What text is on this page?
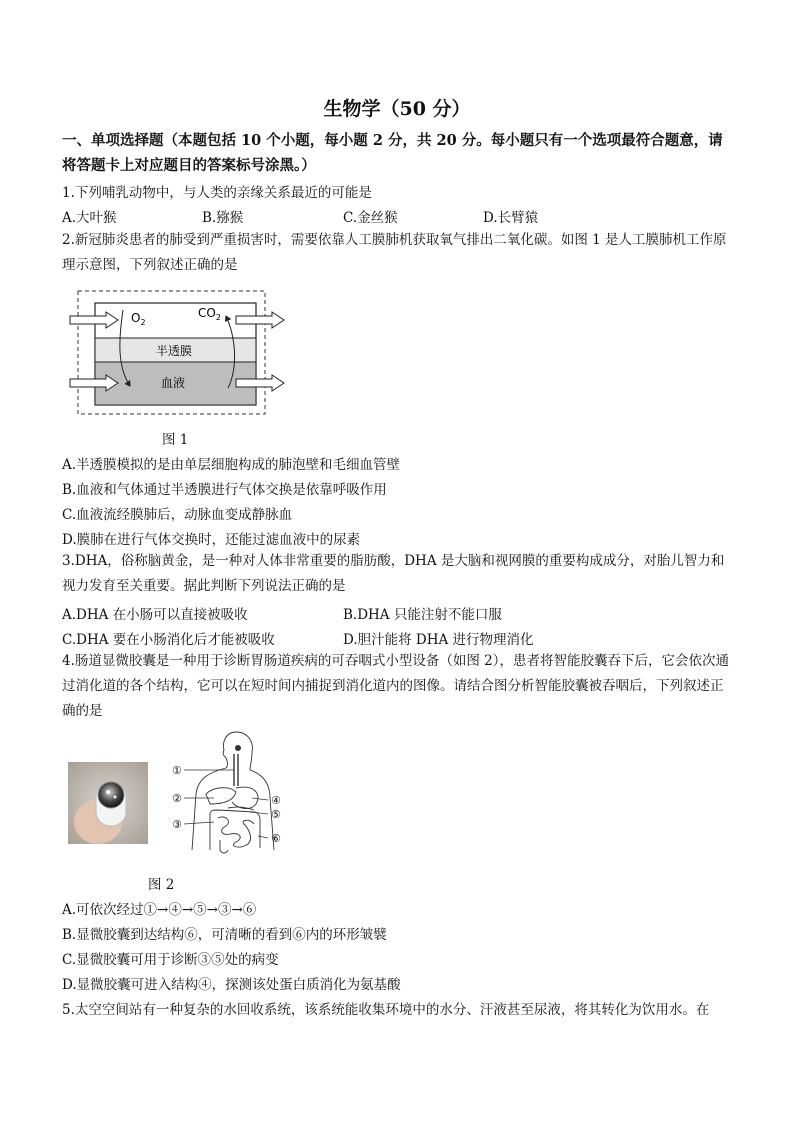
生物学（50 分）
一、单项选择题（本题包括 10 个小题，每小题 2 分，共 20 分。每小题只有一个选项最符合题意，请将答题卡上对应题目的答案标号涂黑。）
1.下列哺乳动物中，与人类的亲缘关系最近的可能是
A.大叶猴	B.猕猴	C.金丝猴	D.长臂猿
2.新冠肺炎患者的肺受到严重损害时，需要依靠人工膜肺机获取氧气排出二氧化碳。如图 1 是人工膜肺机工作原理示意图，下列叙述正确的是
半透膜
血液
$O_2$
$CO_2$
图 1
A.半透膜模拟的是由单层细胞构成的肺泡壁和毛细血管壁
B.血液和气体通过半透膜进行气体交换是依靠呼吸作用
C.血液流经膜肺后，动脉血变成静脉血
D.膜肺在进行气体交换时，还能过滤血液中的尿素
3.DHA，俗称脑黄金，是一种对人体非常重要的脂肪酸，DHA 是大脑和视网膜的重要构成成分，对胎儿智力和视力发育至关重要。据此判断下列说法正确的是
A.DHA 在小肠可以直接被吸收	B.DHA 只能注射不能口服
C.DHA 要在小肠消化后才能被吸收	D.胆汁能将 DHA 进行物理消化
4.肠道显微胶囊是一种用于诊断胃肠道疾病的可吞咽式小型设备（如图 2），患者将智能胶囊吞下后，它会依次通过消化道的各个结构，它可以在短时间内捕捉到消化道内的图像。请结合图分析智能胶囊被吞咽后，下列叙述正确的是
①
②
③
④
⑤
⑥
图 2
A.可依次经过①→④→⑤→③→⑥
B.显微胶囊到达结构⑥，可清晰的看到⑥内的环形皱襞
C.显微胶囊可用于诊断③⑤处的病变
D.显微胶囊可进入结构④，探测该处蛋白质消化为氨基酸
5.太空空间站有一种复杂的水回收系统，该系统能收集环境中的水分、汗液甚至尿液，将其转化为饮用水。在
